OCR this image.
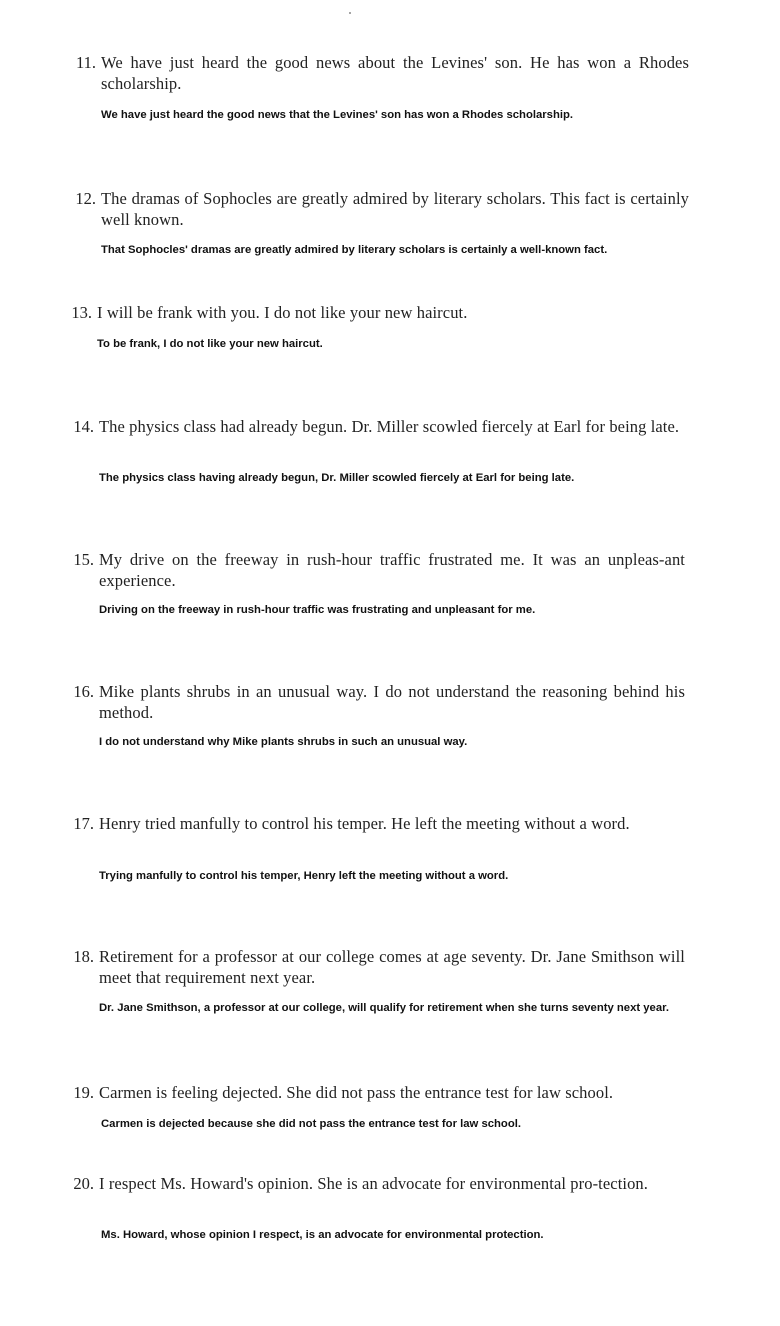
11. We have just heard the good news about the Levines' son. He has won a Rhodes scholarship.
We have just heard the good news that the Levines' son has won a Rhodes scholarship.
12. The dramas of Sophocles are greatly admired by literary scholars. This fact is certainly well known.
That Sophocles' dramas are greatly admired by literary scholars is certainly a well-known fact.
13. I will be frank with you. I do not like your new haircut.
To be frank, I do not like your new haircut.
14. The physics class had already begun. Dr. Miller scowled fiercely at Earl for being late.
The physics class having already begun, Dr. Miller scowled fiercely at Earl for being late.
15. My drive on the freeway in rush-hour traffic frustrated me. It was an unpleas-ant experience.
Driving on the freeway in rush-hour traffic was frustrating and unpleasant for me.
16. Mike plants shrubs in an unusual way. I do not understand the reasoning behind his method.
I do not understand why Mike plants shrubs in such an unusual way.
17. Henry tried manfully to control his temper. He left the meeting without a word.
Trying manfully to control his temper, Henry left the meeting without a word.
18. Retirement for a professor at our college comes at age seventy. Dr. Jane Smithson will meet that requirement next year.
Dr. Jane Smithson, a professor at our college, will qualify for retirement when she turns seventy next year.
19. Carmen is feeling dejected. She did not pass the entrance test for law school.
Carmen is dejected because she did not pass the entrance test for law school.
20. I respect Ms. Howard's opinion. She is an advocate for environmental pro-tection.
Ms. Howard, whose opinion I respect, is an advocate for environmental protection.
